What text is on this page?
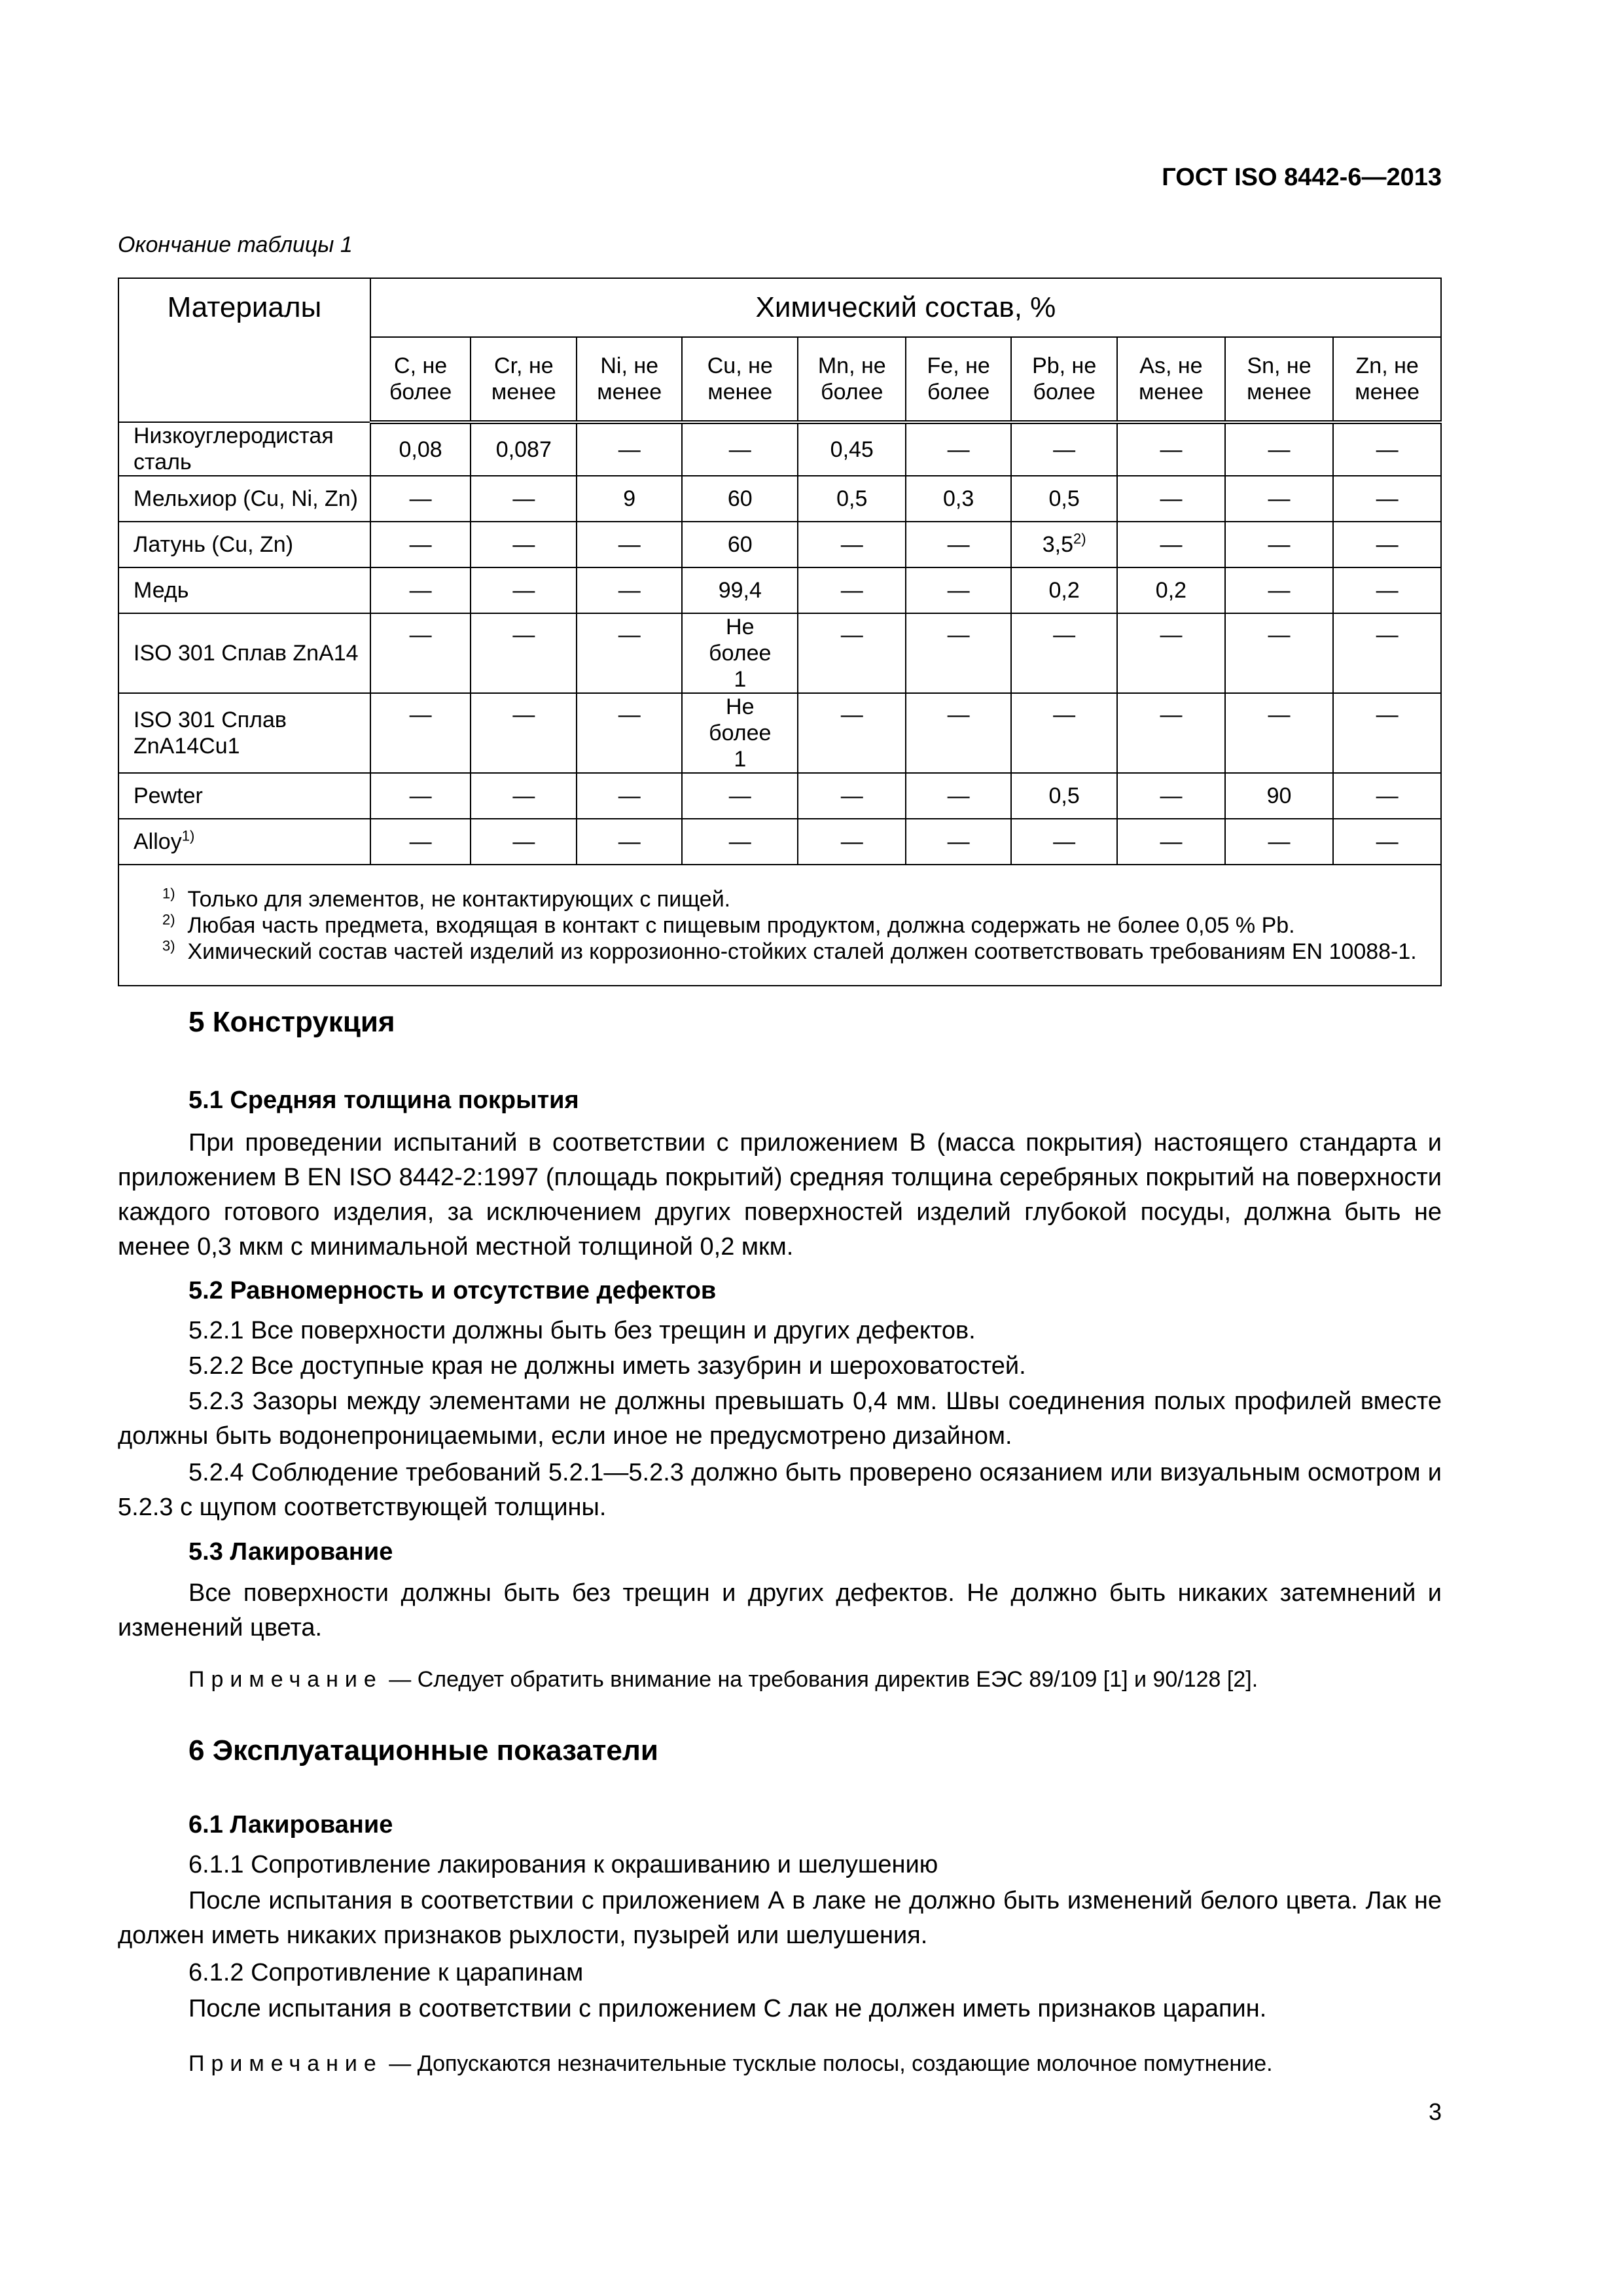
ГОСТ ISO 8442-6—2013
Окончание таблицы 1
Материалы	Химический состав, %									
	С, не более	Cr, не менее	Ni, не менее	Cu, не менее	Mn, не более	Fe, не более	Pb, не более	As, не менее	Sn, не менее	Zn, не менее
Низкоуглеродистая сталь	0,08	0,087	—	—	0,45	—	—	—	—	—
Мельхиор (Cu, Ni, Zn)	—	—	9	60	0,5	0,3	0,5	—	—	—
Латунь (Cu, Zn)	—	—	—	60	—	—	3,5$^{2)}$	—	—	—
Медь	—	—	—	99,4	—	—	0,2	0,2	—	—
ISO 301 Сплав ZnA14	—	—	—	Не более 1	—	—	—	—	—	—
ISO 301 Сплав ZnA14Cu1	—	—	—	Не более 1	—	—	—	—	—	—
Pewter	—	—	—	—	—	—	0,5	—	90	—
Alloy$^{1)}$	—	—	—	—	—	—	—	—	—	—

$^{1)}$ Только для элементов, не контактирующих с пищей.
$^{2)}$ Любая часть предмета, входящая в контакт с пищевым продуктом, должна содержать не более 0,05 % Pb.
$^{3)}$ Химический состав частей изделий из коррозионно-стойких сталей должен соответствовать требованиям EN 10088-1.										
5 Конструкция
5.1 Средняя толщина покрытия
При проведении испытаний в соответствии с приложением В (масса покрытия) настоящего стандарта и приложением В EN ISO 8442-2:1997 (площадь покрытий) средняя толщина серебряных покрытий на поверхности каждого готового изделия, за исключением других поверхностей изделий глубокой посуды, должна быть не менее 0,3 мкм с минимальной местной толщиной 0,2 мкм.
5.2 Равномерность и отсутствие дефектов
5.2.1 Все поверхности должны быть без трещин и других дефектов.
5.2.2 Все доступные края не должны иметь зазубрин и шероховатостей.
5.2.3 Зазоры между элементами не должны превышать 0,4 мм. Швы соединения полых профилей вместе должны быть водонепроницаемыми, если иное не предусмотрено дизайном.
5.2.4 Соблюдение требований 5.2.1—5.2.3 должно быть проверено осязанием или визуальным осмотром и 5.2.3 с щупом соответствующей толщины.
5.3 Лакирование
Все поверхности должны быть без трещин и других дефектов. Не должно быть никаких затемнений и изменений цвета.
Примечание — Следует обратить внимание на требования директив ЕЭС 89/109 [1] и 90/128 [2].
6 Эксплуатационные показатели
6.1 Лакирование
6.1.1 Сопротивление лакирования к окрашиванию и шелушению
После испытания в соответствии с приложением А в лаке не должно быть изменений белого цвета. Лак не должен иметь никаких признаков рыхлости, пузырей или шелушения.
6.1.2 Сопротивление к царапинам
После испытания в соответствии с приложением С лак не должен иметь признаков царапин.
Примечание — Допускаются незначительные тусклые полосы, создающие молочное помутнение.
3
